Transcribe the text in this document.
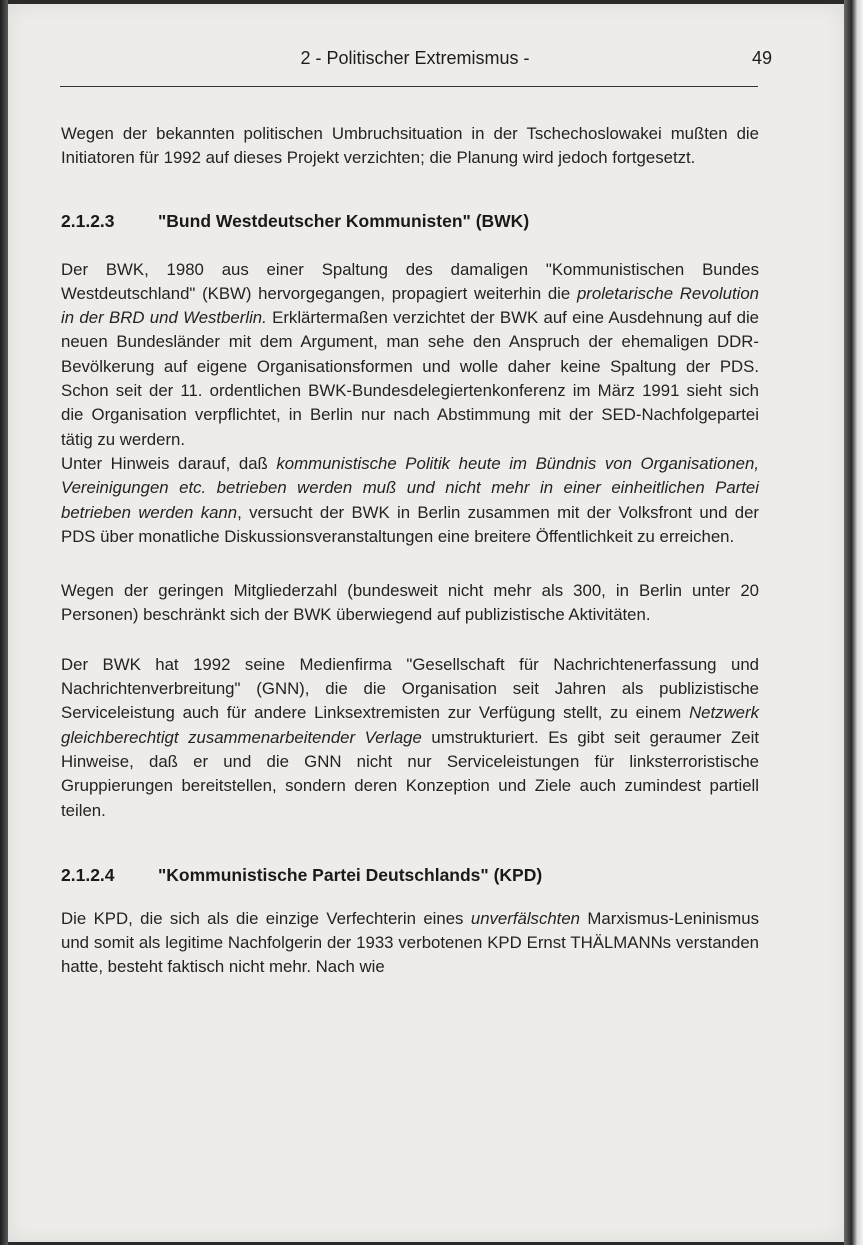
2 - Politischer Extremismus -	49

Wegen der bekannten politischen Umbruchsituation in der Tschechoslowakei mußten die Initiatoren für 1992 auf dieses Projekt verzichten; die Planung wird jedoch fortgesetzt.

2.1.2.3	"Bund Westdeutscher Kommunisten" (BWK)

Der BWK, 1980 aus einer Spaltung des damaligen "Kommunistischen Bundes Westdeutschland" (KBW) hervorgegangen, propagiert weiterhin die proletarische Revolution in der BRD und Westberlin. Erklärtermaßen verzichtet der BWK auf eine Ausdehnung auf die neuen Bundesländer mit dem Argument, man sehe den Anspruch der ehemaligen DDR-Bevölkerung auf eigene Organisationsformen und wolle daher keine Spaltung der PDS. Schon seit der 11. ordentlichen BWK-Bundesdelegiertenkonferenz im März 1991 sieht sich die Organisation verpflichtet, in Berlin nur nach Abstimmung mit der SED-Nachfolgepartei tätig zu werdern.

Unter Hinweis darauf, daß kommunistische Politik heute im Bündnis von Organisationen, Vereinigungen etc. betrieben werden muß und nicht mehr in einer einheitlichen Partei betrieben werden kann, versucht der BWK in Berlin zusammen mit der Volksfront und der PDS über monatliche Diskussionsveranstaltungen eine breitere Öffentlichkeit zu erreichen.

Wegen der geringen Mitgliederzahl (bundesweit nicht mehr als 300, in Berlin unter 20 Personen) beschränkt sich der BWK überwiegend auf publizistische Aktivitäten.

Der BWK hat 1992 seine Medienfirma "Gesellschaft für Nachrichtenerfassung und Nachrichtenverbreitung" (GNN), die die Organisation seit Jahren als publizistische Serviceleistung auch für andere Linksextremisten zur Verfügung stellt, zu einem Netzwerk gleichberechtigt zusammenarbeitender Verlage umstrukturiert. Es gibt seit geraumer Zeit Hinweise, daß er und die GNN nicht nur Serviceleistungen für linksterroristische Gruppierungen bereitstellen, sondern deren Konzeption und Ziele auch zumindest partiell teilen.

2.1.2.4	"Kommunistische Partei Deutschlands" (KPD)

Die KPD, die sich als die einzige Verfechterin eines unverfälschten Marxismus-Leninismus und somit als legitime Nachfolgerin der 1933 verbotenen KPD Ernst THÄLMANNs verstanden hatte, besteht faktisch nicht mehr. Nach wie
